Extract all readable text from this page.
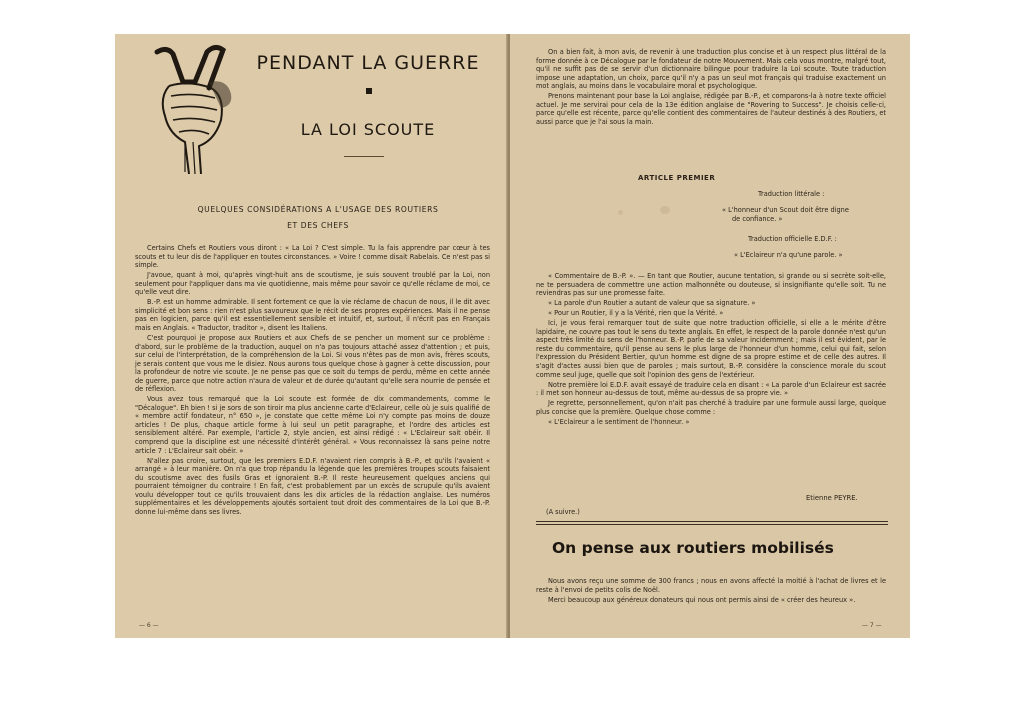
PENDANT LA GUERRE
LA LOI SCOUTE
QUELQUES CONSIDÉRATIONS A L'USAGE DES ROUTIERS
ET DES CHEFS

Certains Chefs et Routiers vous diront : « La Loi ? C'est simple. Tu la fais apprendre par cœur à tes scouts et tu leur dis de l'appliquer en toutes circonstances. » Voire ! comme disait Rabelais. Ce n'est pas si simple.

J'avoue, quant à moi, qu'après vingt-huit ans de scoutisme, je suis souvent troublé par la Loi, non seulement pour l'appliquer dans ma vie quotidienne, mais même pour savoir ce qu'elle réclame de moi, ce qu'elle veut dire.

B.-P. est un homme admirable. Il sent fortement ce que la vie réclame de chacun de nous, il le dit avec simplicité et bon sens : rien n'est plus savoureux que le récit de ses propres expériences. Mais il ne pense pas en logicien, parce qu'il est essentiellement sensible et intuitif, et, surtout, il n'écrit pas en Français mais en Anglais. « Traductor, traditor », disent les Italiens.

C'est pourquoi je propose aux Routiers et aux Chefs de se pencher un moment sur ce problème : d'abord, sur le problème de la traduction, auquel on n'a pas toujours attaché assez d'attention ; et puis, sur celui de l'interprétation, de la compréhension de la Loi. Si vous n'êtes pas de mon avis, frères scouts, je serais content que vous me le disiez. Nous aurons tous quelque chose à gagner à cette discussion, pour la profondeur de notre vie scoute. Je ne pense pas que ce soit du temps de perdu, même en cette année de guerre, parce que notre action n'aura de valeur et de durée qu'autant qu'elle sera nourrie de pensée et de réflexion.

Vous avez tous remarqué que la Loi scoute est formée de dix commandements, comme le "Décalogue". Eh bien ! si je sors de son tiroir ma plus ancienne carte d'Eclaireur, celle où je suis qualifié de « membre actif fondateur, n° 650 », je constate que cette même Loi n'y compte pas moins de douze articles ! De plus, chaque article forme à lui seul un petit paragraphe, et l'ordre des articles est sensiblement altéré. Par exemple, l'article 2, style ancien, est ainsi rédigé : « L'Eclaireur sait obéir. Il comprend que la discipline est une nécessité d'intérêt général. » Vous reconnaissez là sans peine notre article 7 : L'Eclaireur sait obéir. »

N'allez pas croire, surtout, que les premiers E.D.F. n'avaient rien compris à B.-P., et qu'ils l'avaient « arrangé » à leur manière. On n'a que trop répandu la légende que les premières troupes scouts faisaient du scoutisme avec des fusils Gras et ignoraient B.-P. Il reste heureusement quelques anciens qui pourraient témoigner du contraire ! En fait, c'est probablement par un excès de scrupule qu'ils avaient voulu développer tout ce qu'ils trouvaient dans les dix articles de la rédaction anglaise. Les numéros supplémentaires et les développements ajoutés sortaient tout droit des commentaires de la Loi que B.-P. donne lui-même dans ses livres.

— 6 —

On a bien fait, à mon avis, de revenir à une traduction plus concise et à un respect plus littéral de la forme donnée à ce Décalogue par le fondateur de notre Mouvement. Mais cela vous montre, malgré tout, qu'il ne suffit pas de se servir d'un dictionnaire bilingue pour traduire la Loi scoute. Toute traduction impose une adaptation, un choix, parce qu'il n'y a pas un seul mot français qui traduise exactement un mot anglais, au moins dans le vocabulaire moral et psychologique.

Prenons maintenant pour base la Loi anglaise, rédigée par B.-P., et comparons-la à notre texte officiel actuel. Je me servirai pour cela de la 13e édition anglaise de "Rovering to Success". Je choisis celle-ci, parce qu'elle est récente, parce qu'elle contient des commentaires de l'auteur destinés à des Routiers, et aussi parce que je l'ai sous la main.

ARTICLE PREMIER
Traduction littérale :
« L'honneur d'un Scout doit être digne
de confiance. »
Traduction officielle E.D.F. :
« L'Eclaireur n'a qu'une parole. »

« Commentaire de B.-P. ». — En tant que Routier, aucune tentation, si grande ou si secrète soit-elle, ne te persuadera de commettre une action malhonnête ou douteuse, si insignifiante qu'elle soit. Tu ne reviendras pas sur une promesse faite.

« La parole d'un Routier a autant de valeur que sa signature. »

« Pour un Routier, il y a la Vérité, rien que la Vérité. »

Ici, je vous ferai remarquer tout de suite que notre traduction officielle, si elle a le mérite d'être lapidaire, ne couvre pas tout le sens du texte anglais. En effet, le respect de la parole donnée n'est qu'un aspect très limité du sens de l'honneur. B.-P. parle de sa valeur incidemment ; mais il est évident, par le reste du commentaire, qu'il pense au sens le plus large de l'honneur d'un homme, celui qui fait, selon l'expression du Président Bertier, qu'un homme est digne de sa propre estime et de celle des autres. Il s'agit d'actes aussi bien que de paroles ; mais surtout, B.-P. considère la conscience morale du scout comme seul juge, quelle que soit l'opinion des gens de l'extérieur.

Notre première loi E.D.F. avait essayé de traduire cela en disant : « La parole d'un Eclaireur est sacrée : il met son honneur au-dessus de tout, même au-dessus de sa propre vie. »

Je regrette, personnellement, qu'on n'ait pas cherché à traduire par une formule aussi large, quoique plus concise que la première. Quelque chose comme :

« L'Eclaireur a le sentiment de l'honneur. »

Etienne PEYRE.
(A suivre.)
On pense aux routiers mobilisés

Nous avons reçu une somme de 300 francs ; nous en avons affecté la moitié à l'achat de livres et le reste à l'envoi de petits colis de Noël.

Merci beaucoup aux généreux donateurs qui nous ont permis ainsi de « créer des heureux ».

— 7 —
